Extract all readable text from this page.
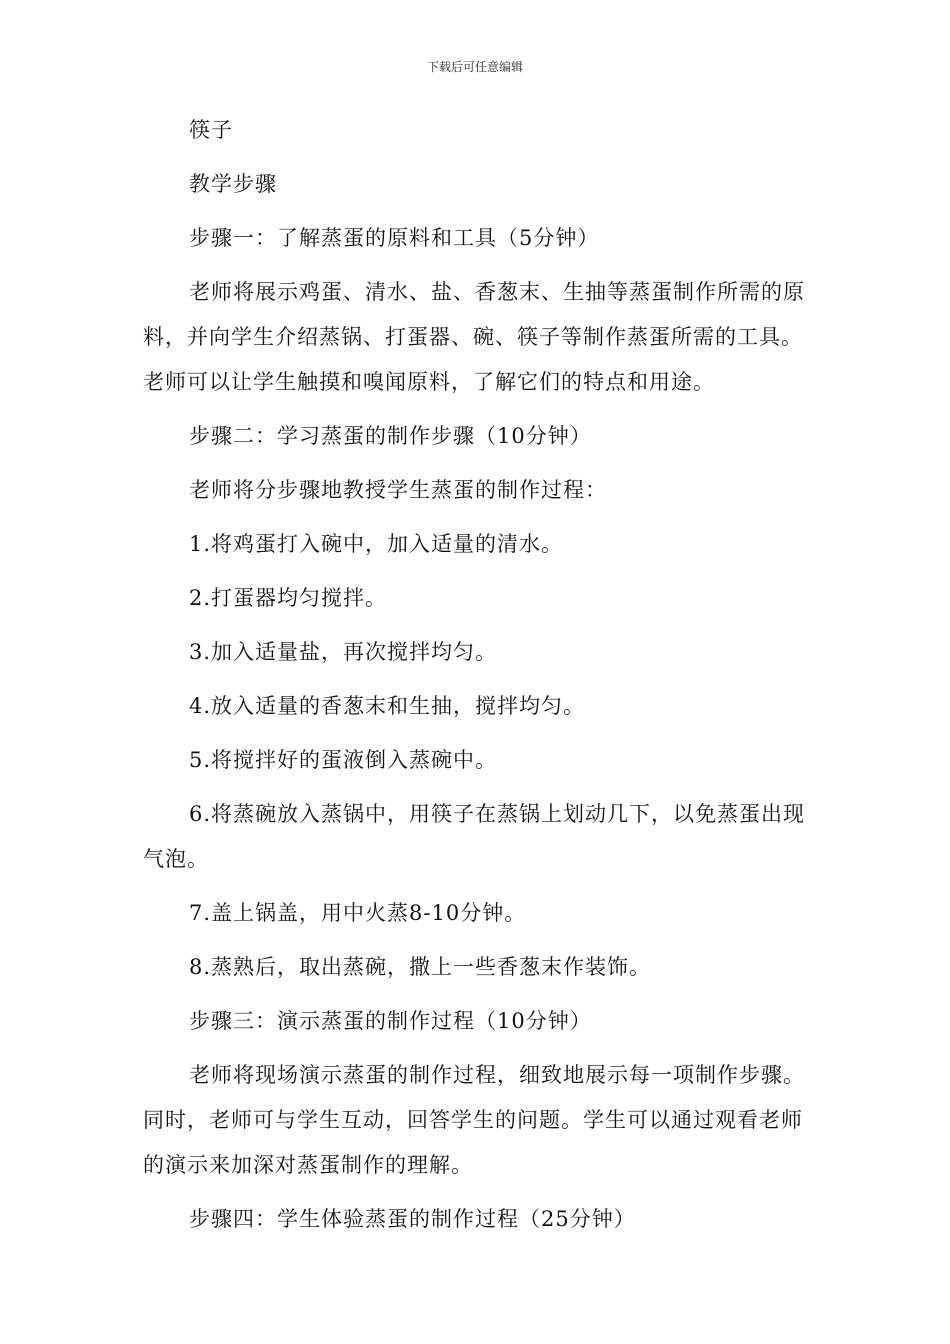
下载后可任意编辑

筷子

教学步骤

步骤一：了解蒸蛋的原料和工具（5分钟）

老师将展示鸡蛋、清水、盐、香葱末、生抽等蒸蛋制作所需的原料，并向学生介绍蒸锅、打蛋器、碗、筷子等制作蒸蛋所需的工具。老师可以让学生触摸和嗅闻原料，了解它们的特点和用途。

步骤二：学习蒸蛋的制作步骤（10分钟）

老师将分步骤地教授学生蒸蛋的制作过程：

1.将鸡蛋打入碗中，加入适量的清水。

2.打蛋器均匀搅拌。

3.加入适量盐，再次搅拌均匀。

4.放入适量的香葱末和生抽，搅拌均匀。

5.将搅拌好的蛋液倒入蒸碗中。

6.将蒸碗放入蒸锅中，用筷子在蒸锅上划动几下，以免蒸蛋出现气泡。

7.盖上锅盖，用中火蒸8-10分钟。

8.蒸熟后，取出蒸碗，撒上一些香葱末作装饰。

步骤三：演示蒸蛋的制作过程（10分钟）

老师将现场演示蒸蛋的制作过程，细致地展示每一项制作步骤。同时，老师可与学生互动，回答学生的问题。学生可以通过观看老师的演示来加深对蒸蛋制作的理解。

步骤四：学生体验蒸蛋的制作过程（25分钟）
